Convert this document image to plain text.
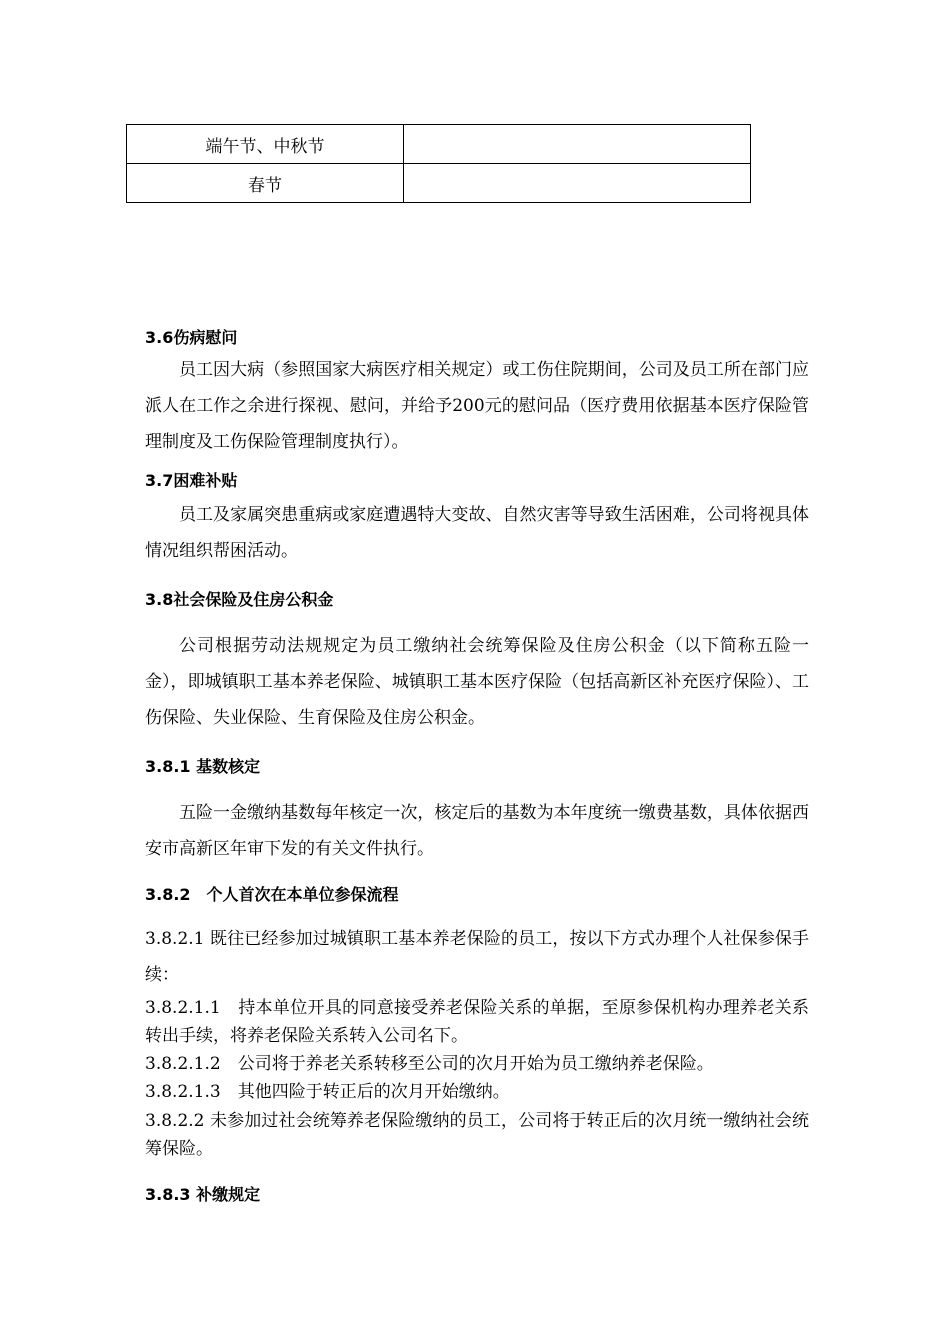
端午节、中秋节	
春节	
3.6伤病慰问

员工因大病（参照国家大病医疗相关规定）或工伤住院期间，公司及员工所在部门应派人在工作之余进行探视、慰问，并给予200元的慰问品（医疗费用依据基本医疗保险管理制度及工伤保险管理制度执行）。

3.7困难补贴

员工及家属突患重病或家庭遭遇特大变故、自然灾害等导致生活困难，公司将视具体情况组织帮困活动。

3.8社会保险及住房公积金

公司根据劳动法规规定为员工缴纳社会统筹保险及住房公积金（以下简称五险一金），即城镇职工基本养老保险、城镇职工基本医疗保险（包括高新区补充医疗保险）、工伤保险、失业保险、生育保险及住房公积金。

3.8.1 基数核定

五险一金缴纳基数每年核定一次，核定后的基数为本年度统一缴费基数，具体依据西安市高新区年审下发的有关文件执行。

3.8.2　个人首次在本单位参保流程

3.8.2.1 既往已经参加过城镇职工基本养老保险的员工，按以下方式办理个人社保参保手续：

3.8.2.1.1　持本单位开具的同意接受养老保险关系的单据，至原参保机构办理养老关系转出手续，将养老保险关系转入公司名下。

3.8.2.1.2　公司将于养老关系转移至公司的次月开始为员工缴纳养老保险。

3.8.2.1.3　其他四险于转正后的次月开始缴纳。

3.8.2.2 未参加过社会统筹养老保险缴纳的员工，公司将于转正后的次月统一缴纳社会统筹保险。

3.8.3 补缴规定
